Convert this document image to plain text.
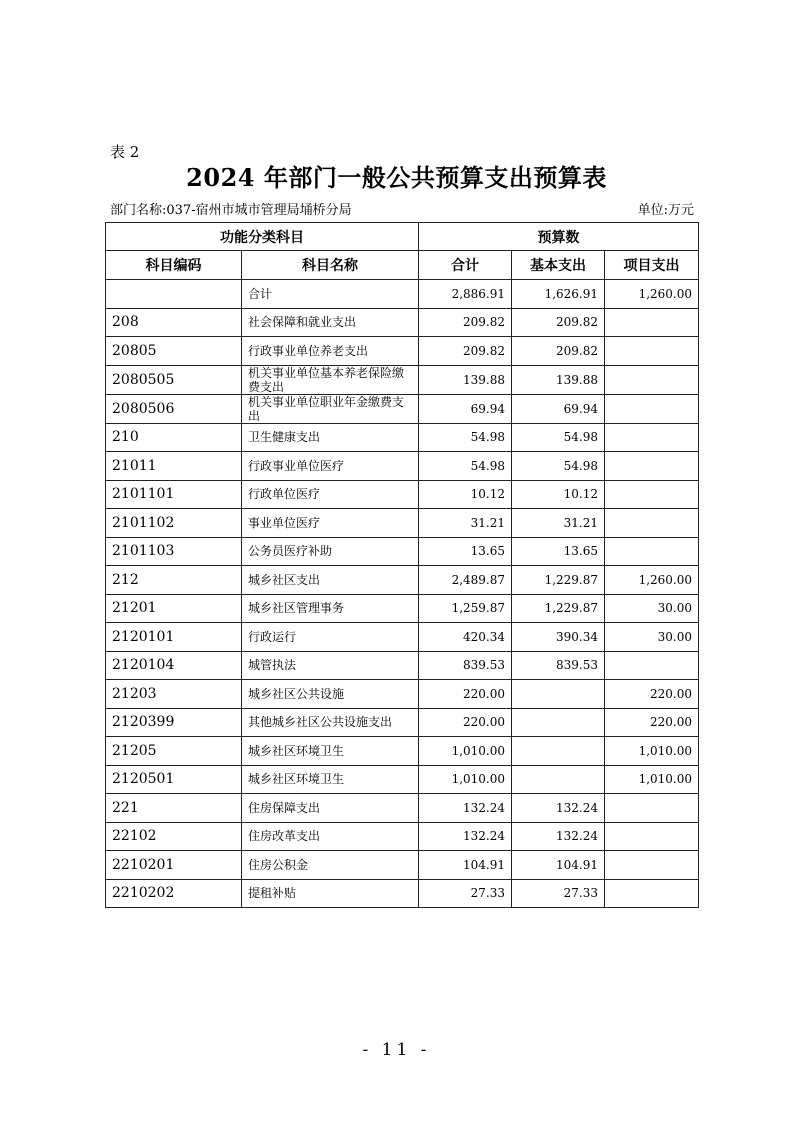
表 2
2024 年部门一般公共预算支出预算表
部门名称:037-宿州市城市管理局埇桥分局	单位:万元
功能分类科目		预算数		
科目编码	科目名称	合计	基本支出	项目支出
	合计	2,886.91	1,626.91	1,260.00
208	社会保障和就业支出	209.82	209.82	
20805	行政事业单位养老支出	209.82	209.82	
2080505	机关事业单位基本养老保险缴费支出	139.88	139.88	
2080506	机关事业单位职业年金缴费支出	69.94	69.94	
210	卫生健康支出	54.98	54.98	
21011	行政事业单位医疗	54.98	54.98	
2101101	行政单位医疗	10.12	10.12	
2101102	事业单位医疗	31.21	31.21	
2101103	公务员医疗补助	13.65	13.65	
212	城乡社区支出	2,489.87	1,229.87	1,260.00
21201	城乡社区管理事务	1,259.87	1,229.87	30.00
2120101	行政运行	420.34	390.34	30.00
2120104	城管执法	839.53	839.53	
21203	城乡社区公共设施	220.00		220.00
2120399	其他城乡社区公共设施支出	220.00		220.00
21205	城乡社区环境卫生	1,010.00		1,010.00
2120501	城乡社区环境卫生	1,010.00		1,010.00
221	住房保障支出	132.24	132.24	
22102	住房改革支出	132.24	132.24	
2210201	住房公积金	104.91	104.91	
2210202	提租补贴	27.33	27.33	
- 11 -
